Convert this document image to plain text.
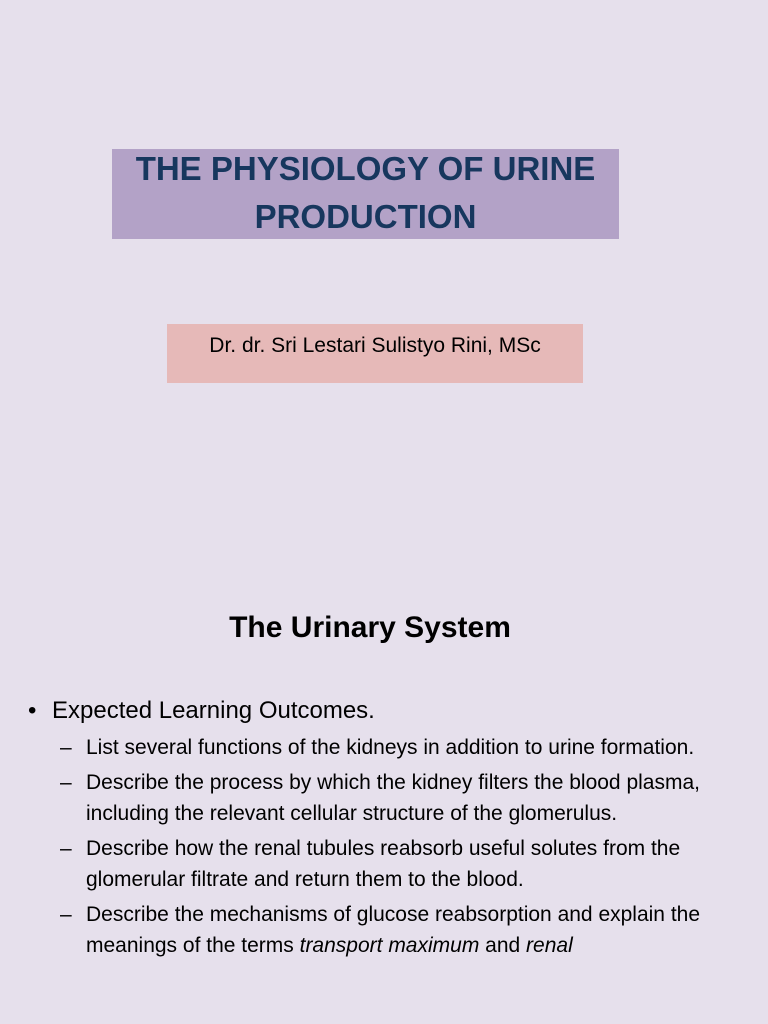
THE PHYSIOLOGY OF URINE
PRODUCTION
Dr. dr. Sri Lestari Sulistyo Rini, MSc
The Urinary System
• Expected Learning Outcomes.
– List several functions of the kidneys in addition to urine formation.
– Describe the process by which the kidney filters the blood plasma, including the relevant cellular structure of the glomerulus.
– Describe how the renal tubules reabsorb useful solutes from the glomerular filtrate and return them to the blood.
– Describe the mechanisms of glucose reabsorption and explain the meanings of the terms transport maximum and renal
